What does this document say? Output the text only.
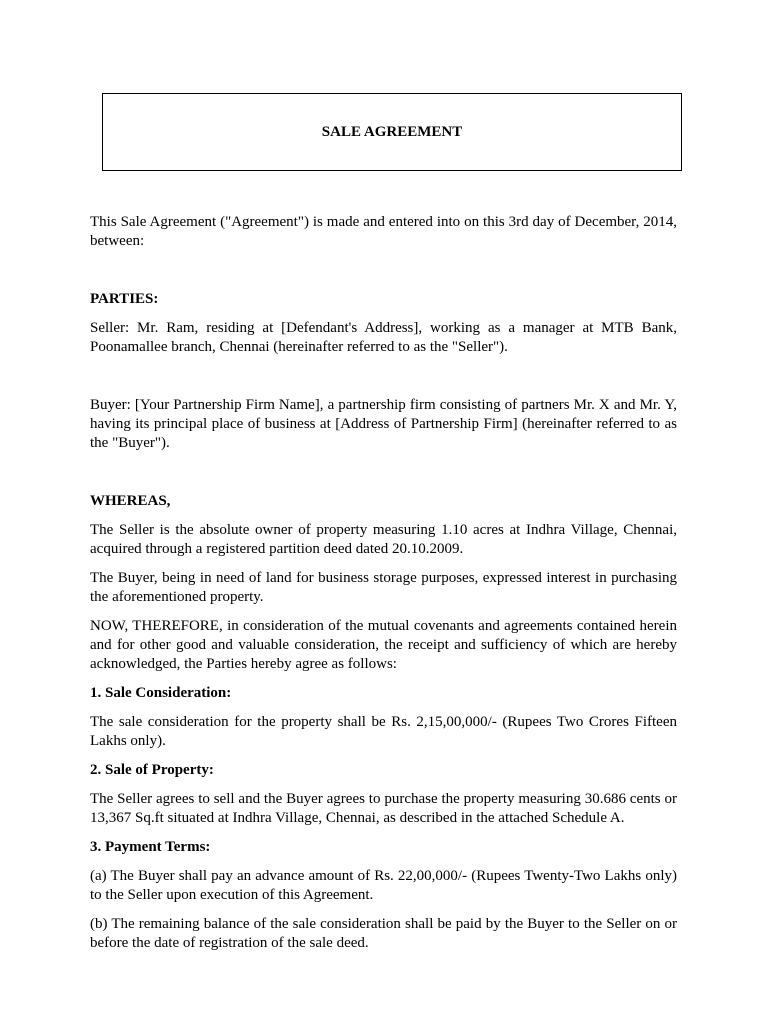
SALE AGREEMENT

This Sale Agreement ("Agreement") is made and entered into on this 3rd day of December, 2014, between:

PARTIES:

Seller: Mr. Ram, residing at [Defendant's Address], working as a manager at MTB Bank, Poonamallee branch, Chennai (hereinafter referred to as the "Seller").

Buyer: [Your Partnership Firm Name], a partnership firm consisting of partners Mr. X and Mr. Y, having its principal place of business at [Address of Partnership Firm] (hereinafter referred to as the "Buyer").

WHEREAS,

The Seller is the absolute owner of property measuring 1.10 acres at Indhra Village, Chennai, acquired through a registered partition deed dated 20.10.2009.

The Buyer, being in need of land for business storage purposes, expressed interest in purchasing the aforementioned property.

NOW, THEREFORE, in consideration of the mutual covenants and agreements contained herein and for other good and valuable consideration, the receipt and sufficiency of which are hereby acknowledged, the Parties hereby agree as follows:

1. Sale Consideration:

The sale consideration for the property shall be Rs. 2,15,00,000/- (Rupees Two Crores Fifteen Lakhs only).

2. Sale of Property:

The Seller agrees to sell and the Buyer agrees to purchase the property measuring 30.686 cents or 13,367 Sq.ft situated at Indhra Village, Chennai, as described in the attached Schedule A.

3. Payment Terms:

(a) The Buyer shall pay an advance amount of Rs. 22,00,000/- (Rupees Twenty-Two Lakhs only) to the Seller upon execution of this Agreement.

(b) The remaining balance of the sale consideration shall be paid by the Buyer to the Seller on or before the date of registration of the sale deed.
